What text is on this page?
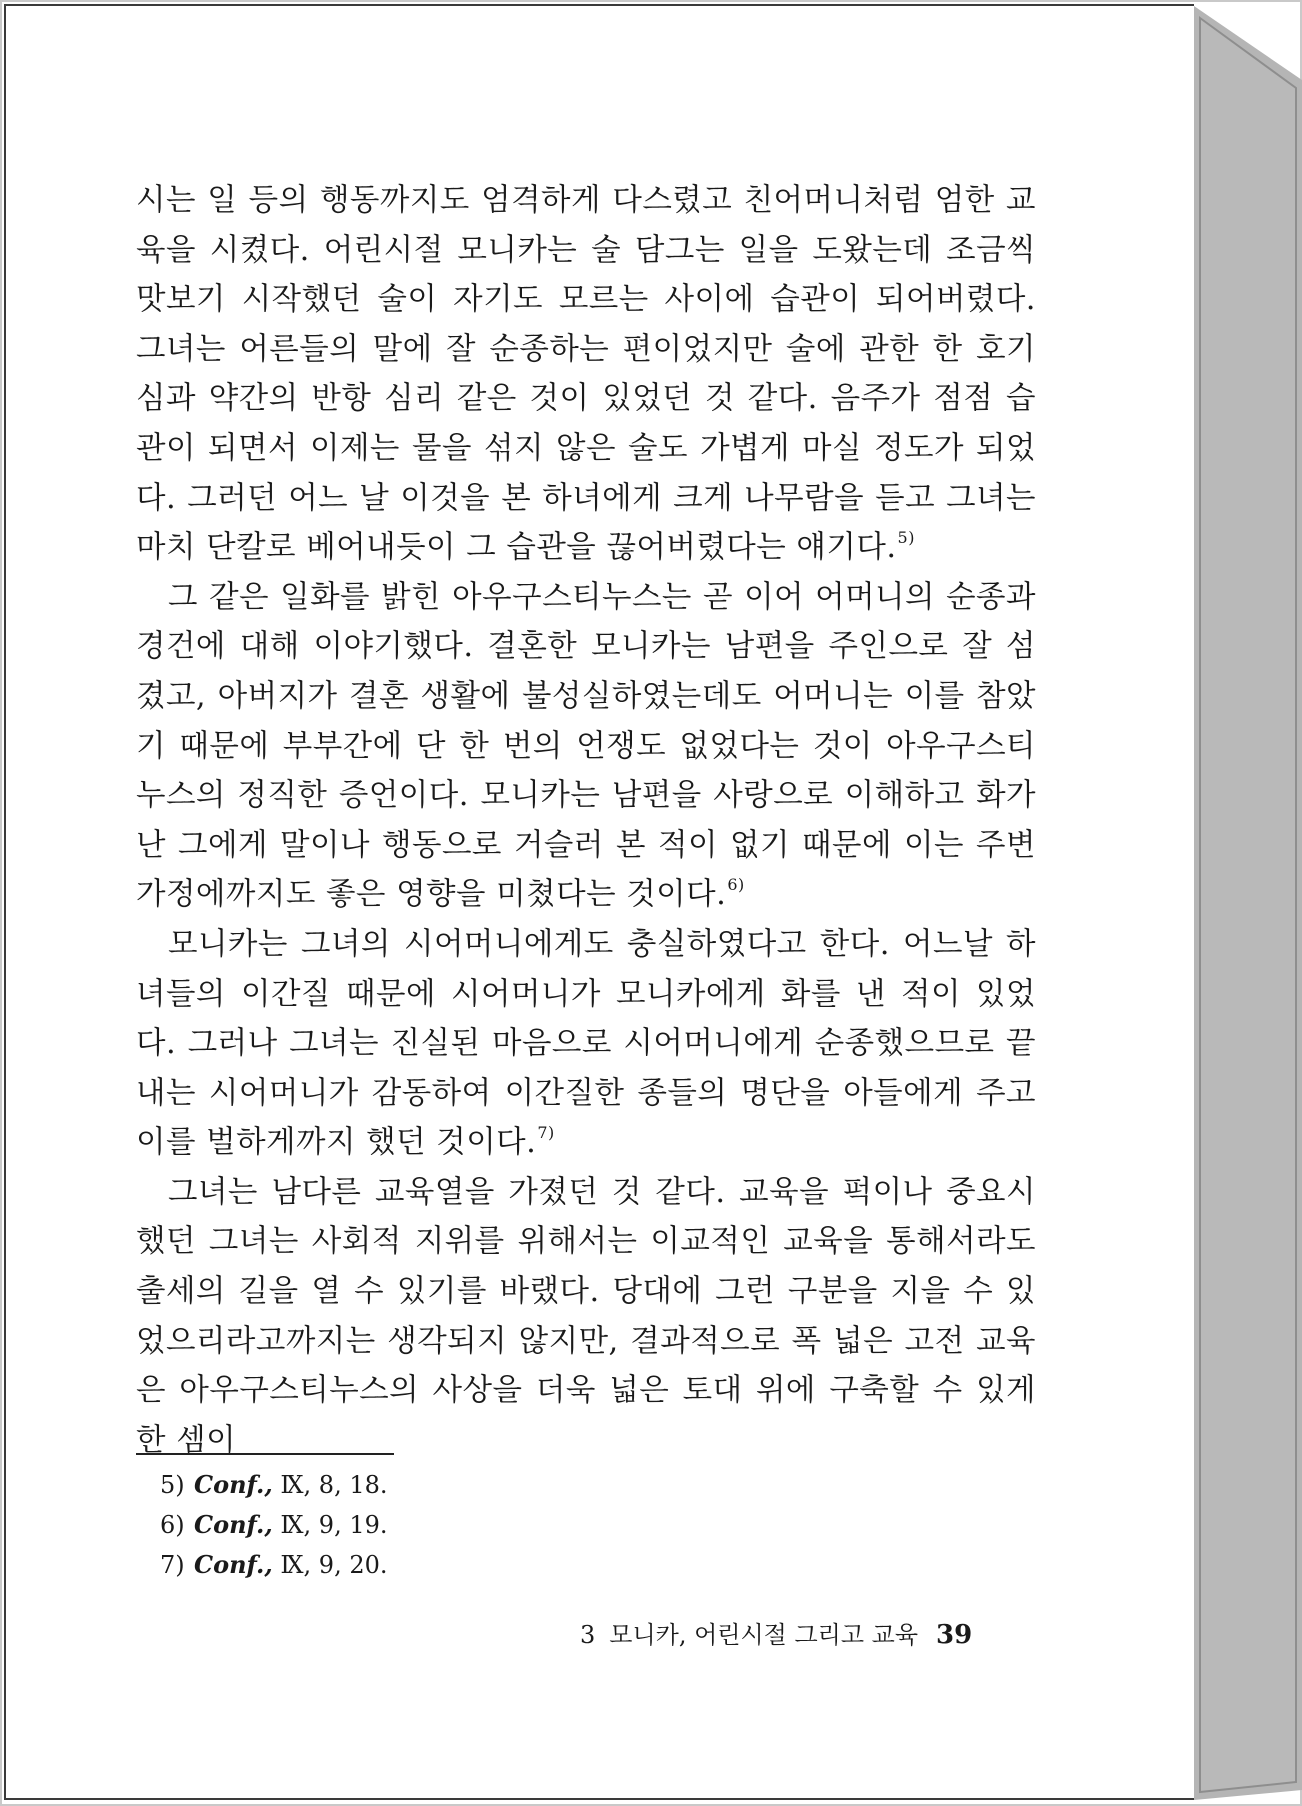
시는 일 등의 행동까지도 엄격하게 다스렸고 친어머니처럼 엄한 교육을 시켰다. 어린시절 모니카는 술 담그는 일을 도왔는데 조금씩 맛보기 시작했던 술이 자기도 모르는 사이에 습관이 되어버렸다. 그녀는 어른들의 말에 잘 순종하는 편이었지만 술에 관한 한 호기심과 약간의 반항 심리 같은 것이 있었던 것 같다. 음주가 점점 습관이 되면서 이제는 물을 섞지 않은 술도 가볍게 마실 정도가 되었다. 그러던 어느 날 이것을 본 하녀에게 크게 나무람을 듣고 그녀는 마치 단칼로 베어내듯이 그 습관을 끊어버렸다는 얘기다.$^{5)}$

그 같은 일화를 밝힌 아우구스티누스는 곧 이어 어머니의 순종과 경건에 대해 이야기했다. 결혼한 모니카는 남편을 주인으로 잘 섬겼고, 아버지가 결혼 생활에 불성실하였는데도 어머니는 이를 참았기 때문에 부부간에 단 한 번의 언쟁도 없었다는 것이 아우구스티누스의 정직한 증언이다. 모니카는 남편을 사랑으로 이해하고 화가 난 그에게 말이나 행동으로 거슬러 본 적이 없기 때문에 이는 주변 가정에까지도 좋은 영향을 미쳤다는 것이다.$^{6)}$

모니카는 그녀의 시어머니에게도 충실하였다고 한다. 어느날 하녀들의 이간질 때문에 시어머니가 모니카에게 화를 낸 적이 있었다. 그러나 그녀는 진실된 마음으로 시어머니에게 순종했으므로 끝내는 시어머니가 감동하여 이간질한 종들의 명단을 아들에게 주고 이를 벌하게까지 했던 것이다.$^{7)}$

그녀는 남다른 교육열을 가졌던 것 같다. 교육을 퍽이나 중요시했던 그녀는 사회적 지위를 위해서는 이교적인 교육을 통해서라도 출세의 길을 열 수 있기를 바랬다. 당대에 그런 구분을 지을 수 있었으리라고까지는 생각되지 않지만, 결과적으로 폭 넓은 고전 교육은 아우구스티누스의 사상을 더욱 넓은 토대 위에 구축할 수 있게 한 셈이

5) Conf., Ⅸ, 8, 18.
6) Conf., Ⅸ, 9, 19.
7) Conf., Ⅸ, 9, 20.
3 모니카, 어린시절 그리고 교육 39
